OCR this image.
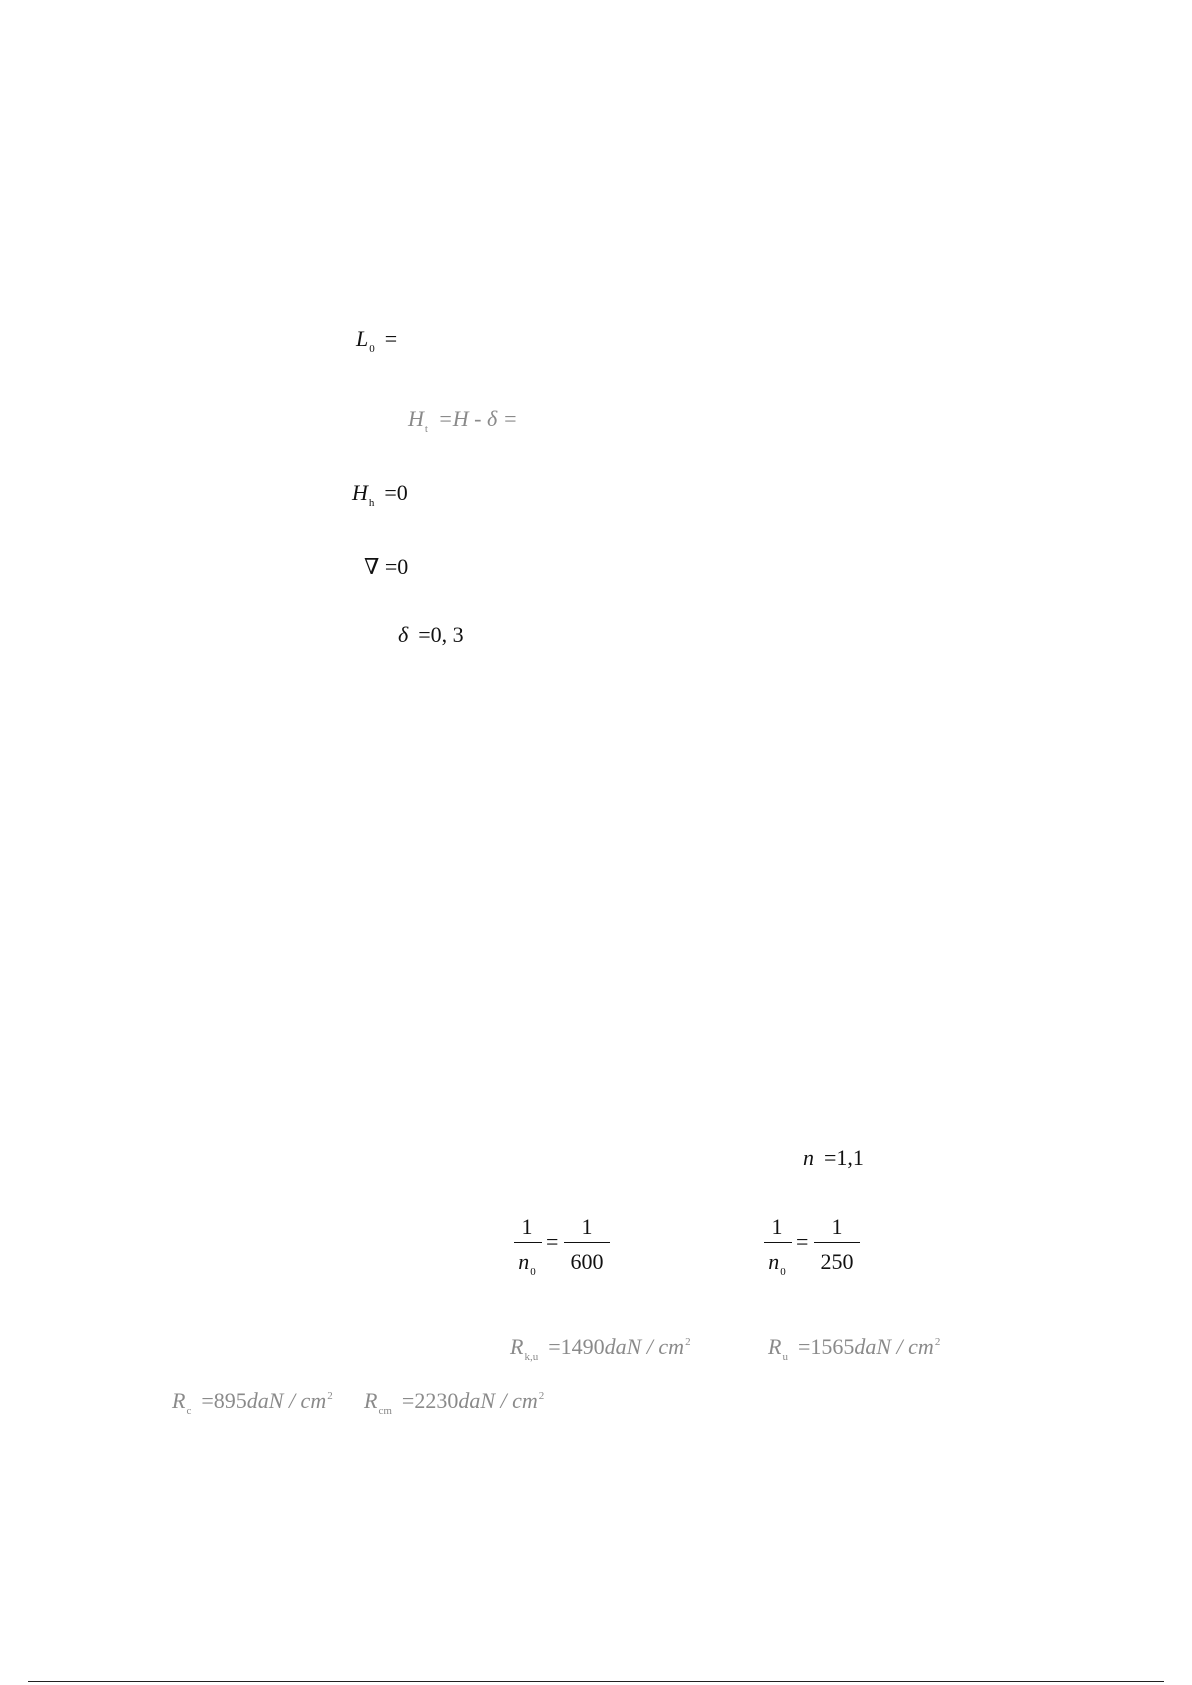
$L_0$ =
$H_t =H - \delta$ =
$H_h =0$
∇ =0
δ =0, 3
n =1,1
1
$n_0$
=
1
600
1
$n_0$
=
1
250
$R_{k,u} =1490daN / cm^2$	$R_u =1565daN / cm^2$
$R_c =895daN / cm^2$ $R_{cm} =2230daN / cm^2$
